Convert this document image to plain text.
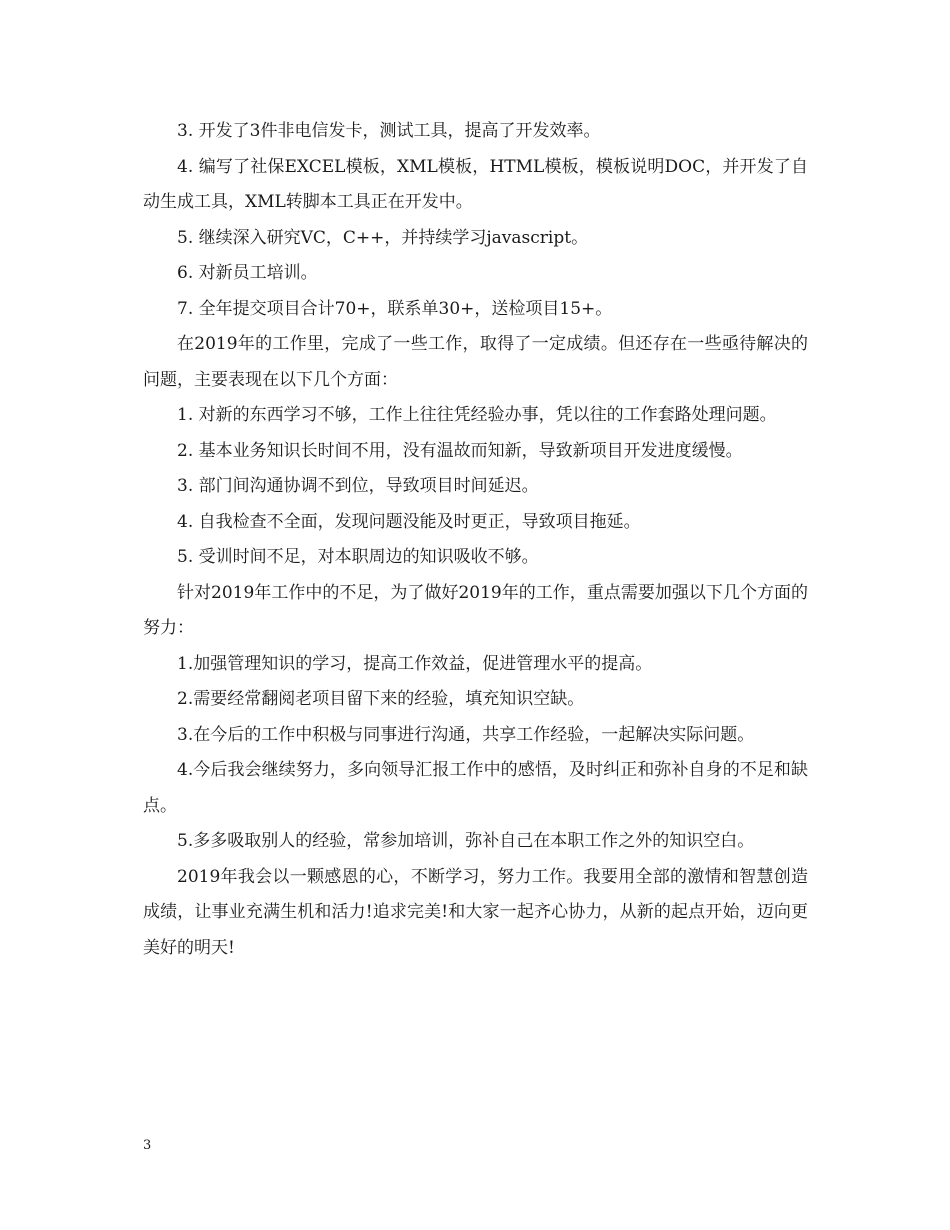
3. 开发了3件非电信发卡，测试工具，提高了开发效率。

4. 编写了社保EXCEL模板，XML模板，HTML模板，模板说明DOC，并开发了自动生成工具，XML转脚本工具正在开发中。

5. 继续深入研究VC，C++，并持续学习javascript。

6. 对新员工培训。

7. 全年提交项目合计70+，联系单30+，送检项目15+。

在2019年的工作里，完成了一些工作，取得了一定成绩。但还存在一些亟待解决的问题，主要表现在以下几个方面：

1. 对新的东西学习不够，工作上往往凭经验办事，凭以往的工作套路处理问题。

2. 基本业务知识长时间不用，没有温故而知新，导致新项目开发进度缓慢。

3. 部门间沟通协调不到位，导致项目时间延迟。

4. 自我检查不全面，发现问题没能及时更正，导致项目拖延。

5. 受训时间不足，对本职周边的知识吸收不够。

针对2019年工作中的不足，为了做好2019年的工作，重点需要加强以下几个方面的努力：

1.加强管理知识的学习，提高工作效益，促进管理水平的提高。

2.需要经常翻阅老项目留下来的经验，填充知识空缺。

3.在今后的工作中积极与同事进行沟通，共享工作经验，一起解决实际问题。

4.今后我会继续努力，多向领导汇报工作中的感悟，及时纠正和弥补自身的不足和缺点。

5.多多吸取别人的经验，常参加培训，弥补自己在本职工作之外的知识空白。

2019年我会以一颗感恩的心，不断学习，努力工作。我要用全部的激情和智慧创造成绩，让事业充满生机和活力!追求完美!和大家一起齐心协力，从新的起点开始，迈向更美好的明天!

3
